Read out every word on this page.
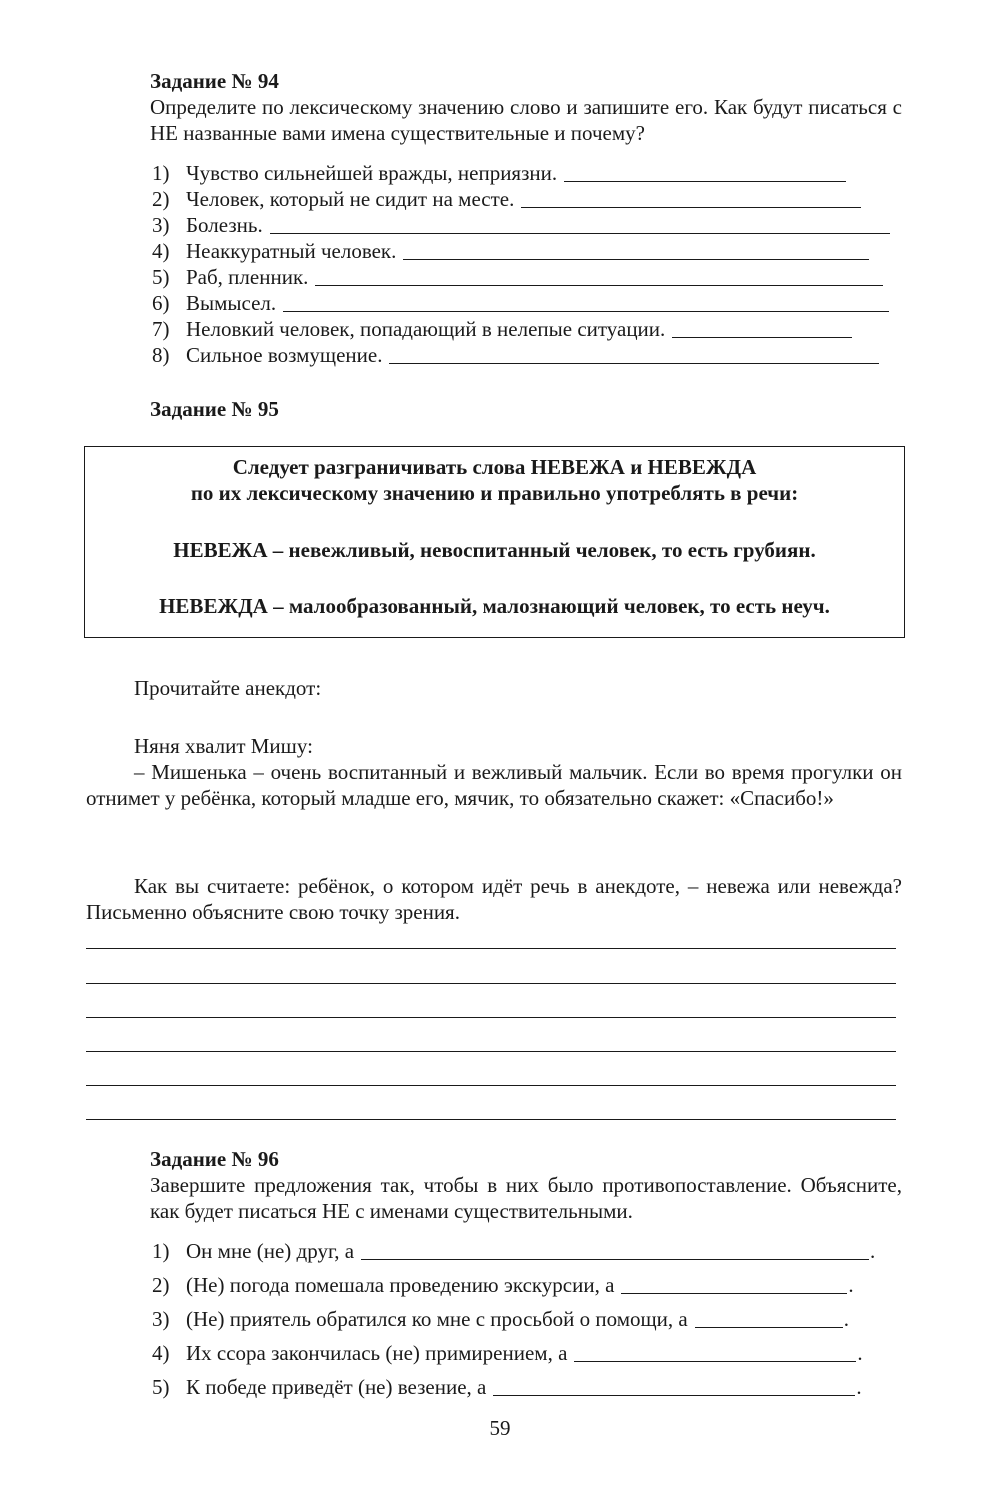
Задание № 94
Определите по лексическому значению слово и запишите его. Как будут писаться с НЕ названные вами имена существительные и почему?
1) Чувство сильнейшей вражды, неприязни.
2) Человек, который не сидит на месте.
3) Болезнь.
4) Неаккуратный человек.
5) Раб, пленник.
6) Вымысел.
7) Неловкий человек, попадающий в нелепые ситуации.
8) Сильное возмущение.
Задание № 95
Следует разграничивать слова НЕВЕЖА и НЕВЕЖДА
по их лексическому значению и правильно употреблять в речи:
НЕВЕЖА – невежливый, невоспитанный человек, то есть грубиян.
НЕВЕЖДА – малообразованный, малознающий человек, то есть неуч.
Прочитайте анекдот:
Няня хвалит Мишу:
– Мишенька – очень воспитанный и вежливый мальчик. Если во время прогулки он отнимет у ребёнка, который младше его, мячик, то обязательно скажет: «Спасибо!»
Как вы считаете: ребёнок, о котором идёт речь в анекдоте, – невежа или невежда? Письменно объясните свою точку зрения.
Задание № 96
Завершите предложения так, чтобы в них было противопоставление. Объясните, как будет писаться НЕ с именами существительными.
1) Он мне (не) друг, а	.
2) (Не) погода помешала проведению экскурсии, а	.
3) (Не) приятель обратился ко мне с просьбой о помощи, а	.
4) Их ссора закончилась (не) примирением, а	.
5) К победе приведёт (не) везение, а	.
59
